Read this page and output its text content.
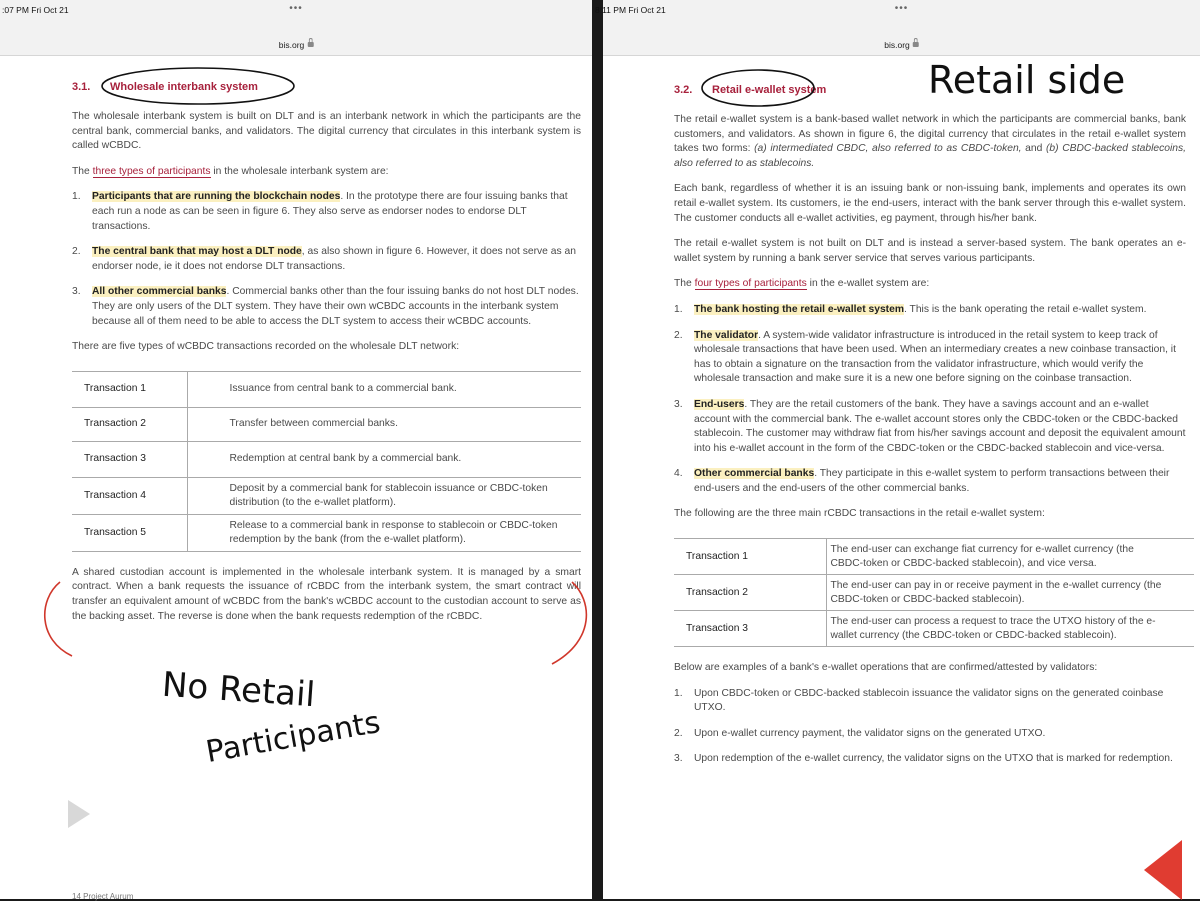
:07 PM Fri Oct 21	•••
bis.org
3.1.	Wholesale interbank system

The wholesale interbank system is built on DLT and is an interbank network in which the participants are the central bank, commercial banks, and validators. The digital currency that circulates in this interbank system is called wCBDC.

The three types of participants in the wholesale interbank system are:

1.	Participants that are running the blockchain nodes. In the prototype there are four issuing banks that each run a node as can be seen in figure 6. They also serve as endorser nodes to endorse DLT transactions.
2.	The central bank that may host a DLT node, as also shown in figure 6. However, it does not serve as an endorser node, ie it does not endorse DLT transactions.
3.	All other commercial banks. Commercial banks other than the four issuing banks do not host DLT nodes. They are only users of the DLT system. They have their own wCBDC accounts in the interbank system because all of them need to be able to access the DLT system to access their wCBDC accounts.

There are five types of wCBDC transactions recorded on the wholesale DLT network:

Transaction 1	Issuance from central bank to a commercial bank.
Transaction 2	Transfer between commercial banks.
Transaction 3	Redemption at central bank by a commercial bank.
Transaction 4	Deposit by a commercial bank for stablecoin issuance or CBDC-token distribution (to the e-wallet platform).
Transaction 5	Release to a commercial bank in response to stablecoin or CBDC-token redemption by the bank (from the e-wallet platform).

A shared custodian account is implemented in the wholesale interbank system. It is managed by a smart contract. When a bank requests the issuance of rCBDC from the interbank system, the smart contract will transfer an equivalent amount of wCBDC from the bank's wCBDC account to the custodian account to serve as the backing asset. The reverse is done when the bank requests redemption of the rCBDC.

No Retail
Participants
14 Project Aurum
8:11 PM Fri Oct 21	•••
bis.org
3.2.	Retail e-wallet system

The retail e-wallet system is a bank-based wallet network in which the participants are commercial banks, bank customers, and validators. As shown in figure 6, the digital currency that circulates in the retail e-wallet system takes two forms: (a) intermediated CBDC, also referred to as CBDC-token, and (b) CBDC-backed stablecoins, also referred to as stablecoins.

Each bank, regardless of whether it is an issuing bank or non-issuing bank, implements and operates its own retail e-wallet system. Its customers, ie the end-users, interact with the bank server through this e-wallet system. The customer conducts all e-wallet activities, eg payment, through his/her bank.

The retail e-wallet system is not built on DLT and is instead a server-based system. The bank operates an e-wallet system by running a bank server service that serves various participants.

The four types of participants in the e-wallet system are:

1.	The bank hosting the retail e-wallet system. This is the bank operating the retail e-wallet system.
2.	The validator. A system-wide validator infrastructure is introduced in the retail system to keep track of wholesale transactions that have been used. When an intermediary creates a new coinbase transaction, it has to obtain a signature on the transaction from the validator infrastructure, which would verify the wholesale transaction and make sure it is a new one before signing on the coinbase transaction.
3.	End-users. They are the retail customers of the bank. They have a savings account and an e-wallet account with the commercial bank. The e-wallet account stores only the CBDC-token or the CBDC-backed stablecoin. The customer may withdraw fiat from his/her savings account and deposit the equivalent amount into his e-wallet account in the form of the CBDC-token or the CBDC-backed stablecoin and vice-versa.
4.	Other commercial banks. They participate in this e-wallet system to perform transactions between their end-users and the end-users of the other commercial banks.

The following are the three main rCBDC transactions in the retail e-wallet system:

Transaction 1	The end-user can exchange fiat currency for e-wallet currency (the CBDC-token or CBDC-backed stablecoin), and vice versa.
Transaction 2	The end-user can pay in or receive payment in the e-wallet currency (the CBDC-token or CBDC-backed stablecoin).
Transaction 3	The end-user can process a request to trace the UTXO history of the e-wallet currency (the CBDC-token or CBDC-backed stablecoin).

Below are examples of a bank's e-wallet operations that are confirmed/attested by validators:

1.	Upon CBDC-token or CBDC-backed stablecoin issuance the validator signs on the generated coinbase UTXO.
2.	Upon e-wallet currency payment, the validator signs on the generated UTXO.
3.	Upon redemption of the e-wallet currency, the validator signs on the UTXO that is marked for redemption.
Retail side
